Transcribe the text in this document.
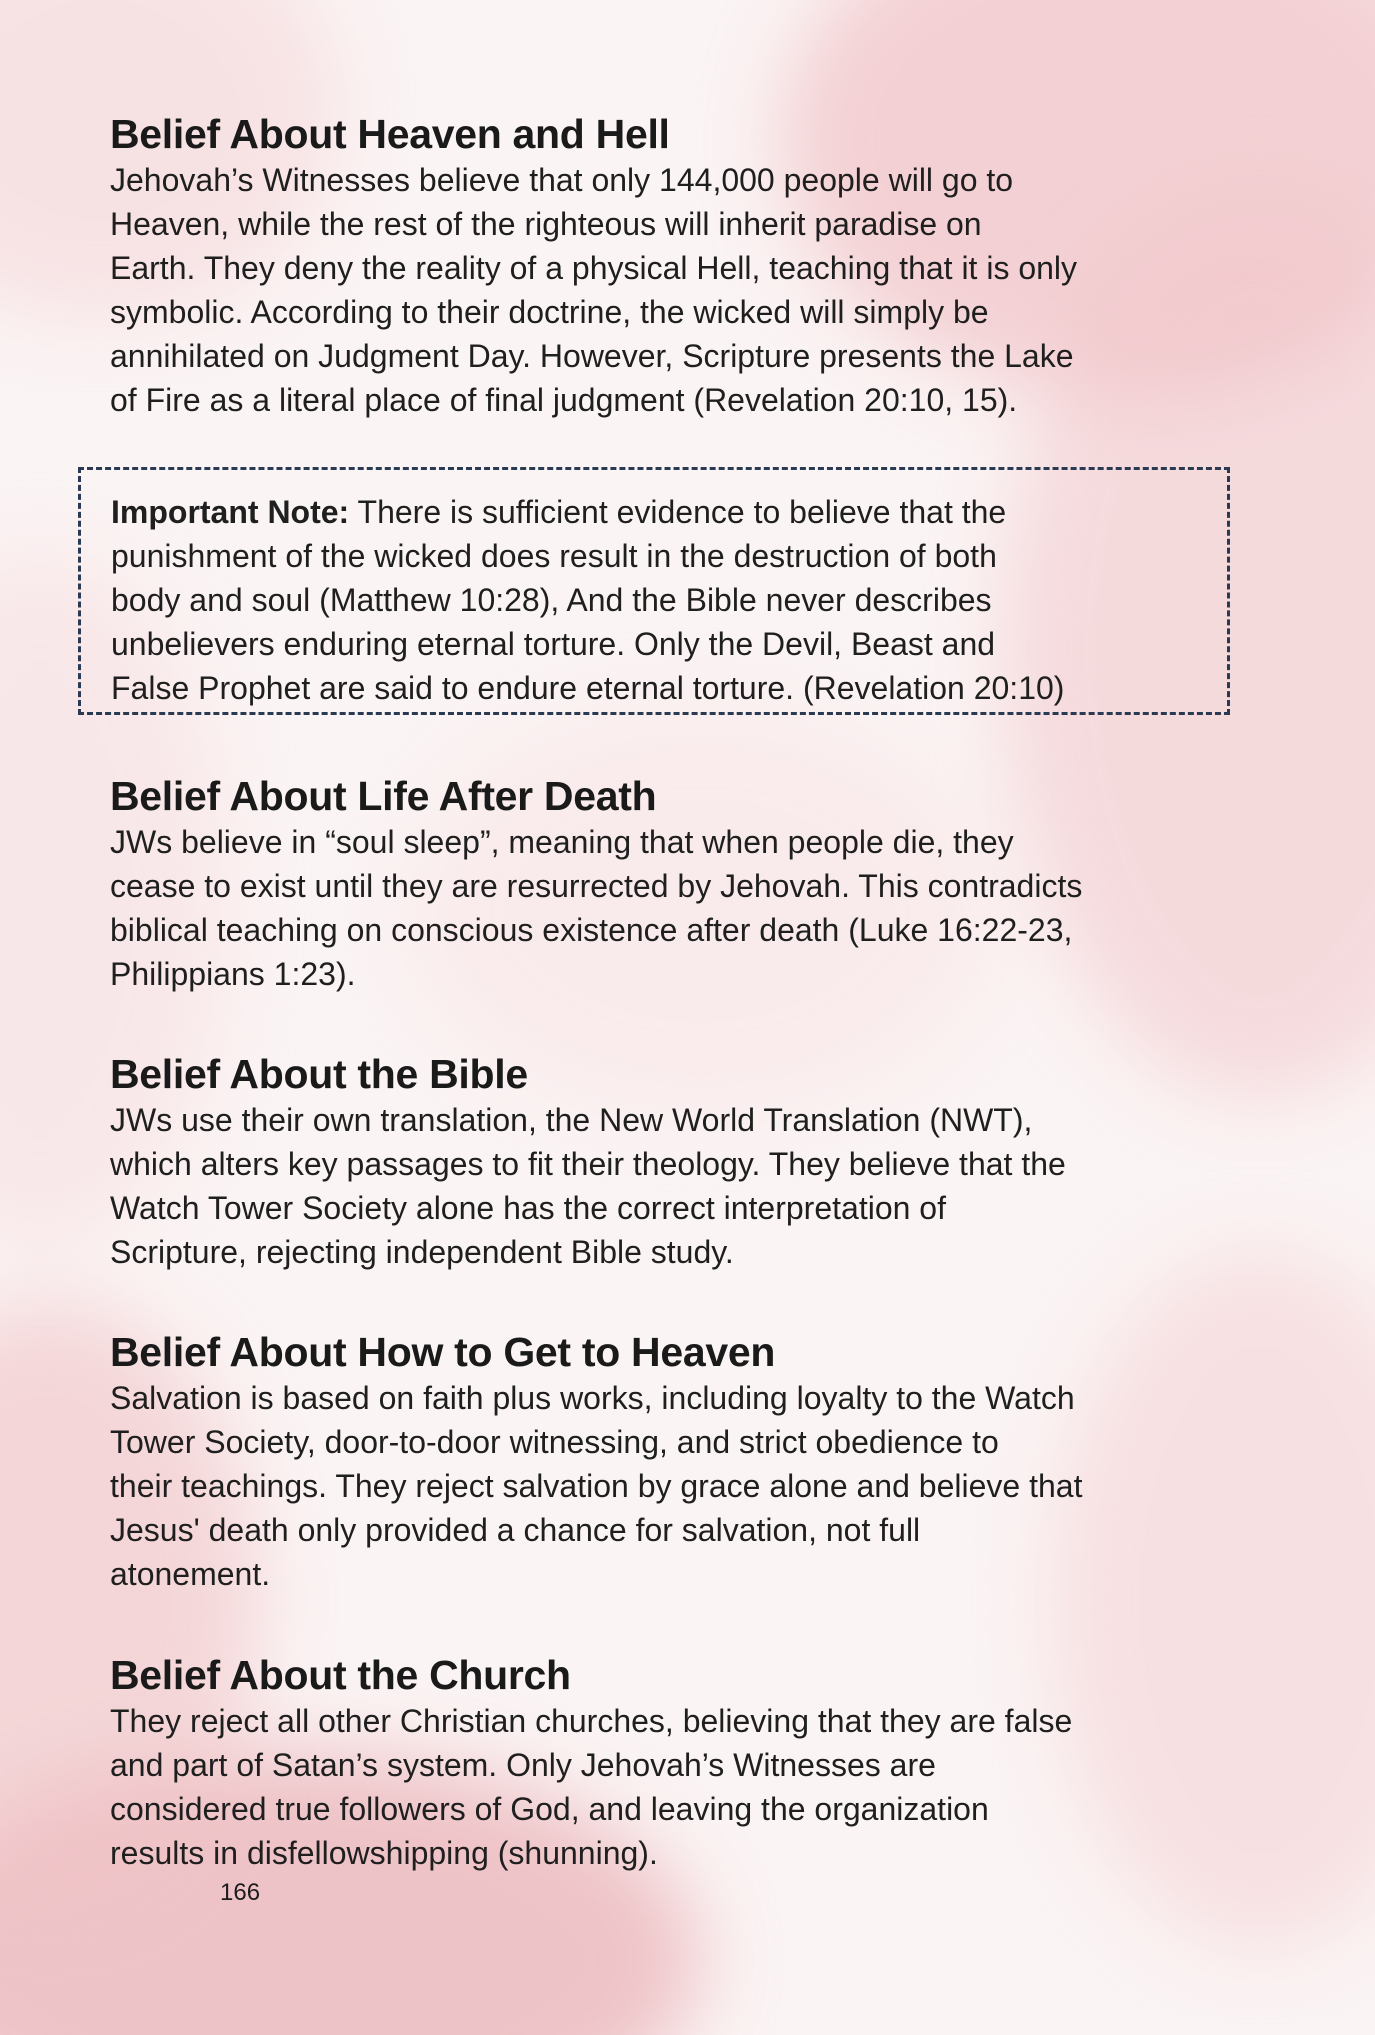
Belief About Heaven and Hell

Jehovah’s Witnesses believe that only 144,000 people will go to

Heaven, while the rest of the righteous will inherit paradise on

Earth. They deny the reality of a physical Hell, teaching that it is only

symbolic. According to their doctrine, the wicked will simply be

annihilated on Judgment Day. However, Scripture presents the Lake

of Fire as a literal place of final judgment (Revelation 20:10, 15).

Belief About Life After Death

JWs believe in “soul sleep”, meaning that when people die, they

cease to exist until they are resurrected by Jehovah. This contradicts

biblical teaching on conscious existence after death (Luke 16:22-23,

Philippians 1:23).

Belief About the Bible

JWs use their own translation, the New World Translation (NWT),

which alters key passages to fit their theology. They believe that the

Watch Tower Society alone has the correct interpretation of

Scripture, rejecting independent Bible study.

Belief About How to Get to Heaven

Salvation is based on faith plus works, including loyalty to the Watch

Tower Society, door-to-door witnessing, and strict obedience to

their teachings. They reject salvation by grace alone and believe that

Jesus' death only provided a chance for salvation, not full

atonement.

Belief About the Church

They reject all other Christian churches, believing that they are false

and part of Satan’s system. Only Jehovah’s Witnesses are

considered true followers of God, and leaving the organization

results in disfellowshipping (shunning).

Important Note: There is sufficient evidence to believe that the

punishment of the wicked does result in the destruction of both

body and soul (Matthew 10:28), And the Bible never describes

unbelievers enduring eternal torture. Only the Devil, Beast and

False Prophet are said to endure eternal torture. (Revelation 20:10)

166
